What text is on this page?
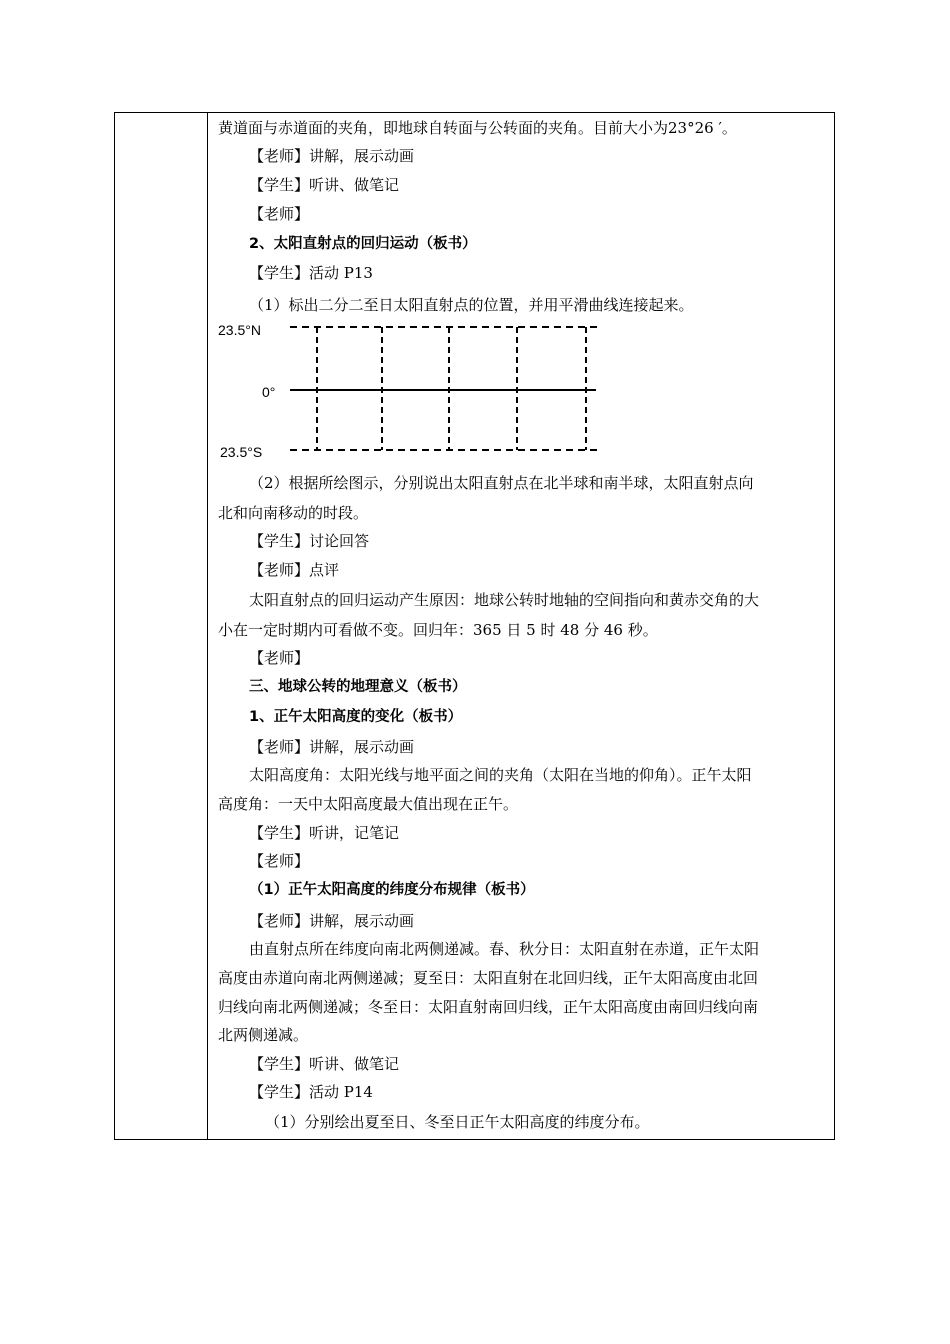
黄道面与赤道面的夹角，即地球自转面与公转面的夹角。目前大小为23°26 ′。
【老师】讲解，展示动画
【学生】听讲、做笔记
【老师】
2、太阳直射点的回归运动（板书）
【学生】活动 P13
（1）标出二分二至日太阳直射点的位置，并用平滑曲线连接起来。
23.5°N
0°
23.5°S
（2）根据所绘图示，分别说出太阳直射点在北半球和南半球，太阳直射点向
北和向南移动的时段。
【学生】讨论回答
【老师】点评
太阳直射点的回归运动产生原因：地球公转时地轴的空间指向和黄赤交角的大
小在一定时期内可看做不变。回归年：365 日 5 时 48 分 46 秒。
【老师】
三、地球公转的地理意义（板书）
1、正午太阳高度的变化（板书）
【老师】讲解，展示动画
太阳高度角：太阳光线与地平面之间的夹角（太阳在当地的仰角）。正午太阳
高度角：一天中太阳高度最大值出现在正午。
【学生】听讲，记笔记
【老师】
（1）正午太阳高度的纬度分布规律（板书）
【老师】讲解，展示动画
由直射点所在纬度向南北两侧递减。春、秋分日：太阳直射在赤道，正午太阳
高度由赤道向南北两侧递减；夏至日：太阳直射在北回归线，正午太阳高度由北回
归线向南北两侧递减；冬至日：太阳直射南回归线，正午太阳高度由南回归线向南
北两侧递减。
【学生】听讲、做笔记
【学生】活动 P14
（1）分别绘出夏至日、冬至日正午太阳高度的纬度分布。
